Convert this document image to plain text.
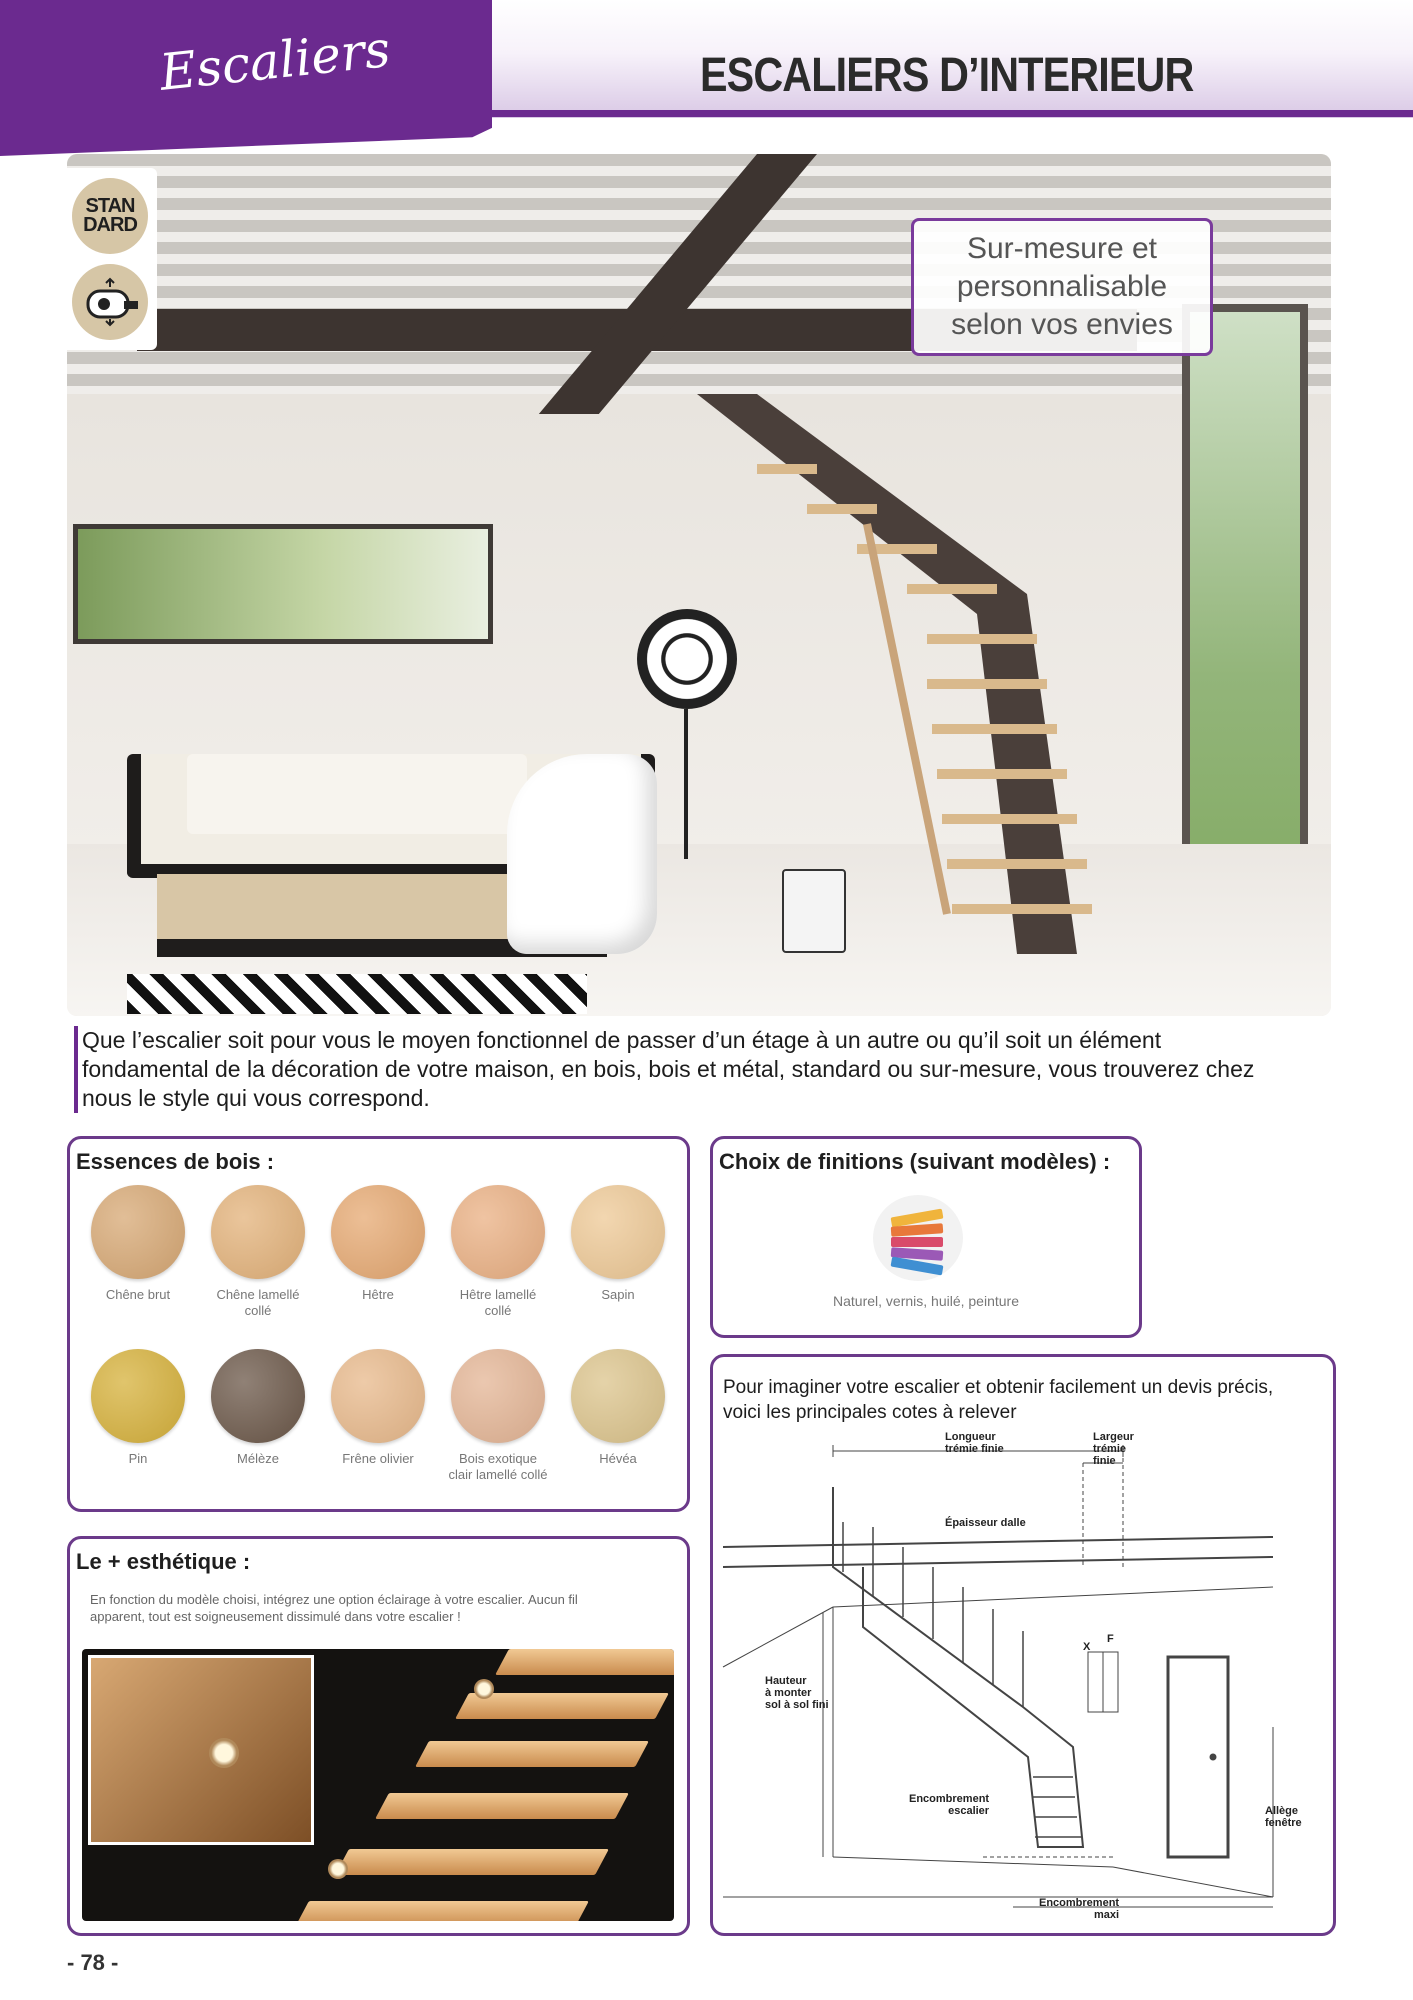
Escaliers	ESCALIERS D’INTERIEUR
STAN DARD
Sur-mesure et
personnalisable
selon vos envies
Que l’escalier soit pour vous le moyen fonctionnel de passer d’un étage à un autre ou qu’il soit un élément
fondamental de la décoration de votre maison, en bois, bois et métal, standard ou sur-mesure, vous trouverez chez
nous le style qui vous correspond.
Essences de bois :
Chêne brut	Chêne lamellé collé
Hêtre	Hêtre lamellé collé
Sapin
Pin	Mélèze	Frêne olivier	Bois exotique clair lamellé collé
Hévéa
Choix de finitions (suivant modèles) :
Naturel, vernis, huilé, peinture
Le + esthétique :
En fonction du modèle choisi, intégrez une option éclairage à votre escalier. Aucun fil
apparent, tout est soigneusement dissimulé dans votre escalier !
Pour imaginer votre escalier et obtenir facilement un devis précis,
voici les principales cotes à relever
Longueur
trémie finie
Largeur
trémie
finie
Épaisseur dalle
Hauteur
à monter
sol à sol fini
Encombrement
escalier
Encombrement
maxi
Allège
fenêtre
X
F
- 78 -
